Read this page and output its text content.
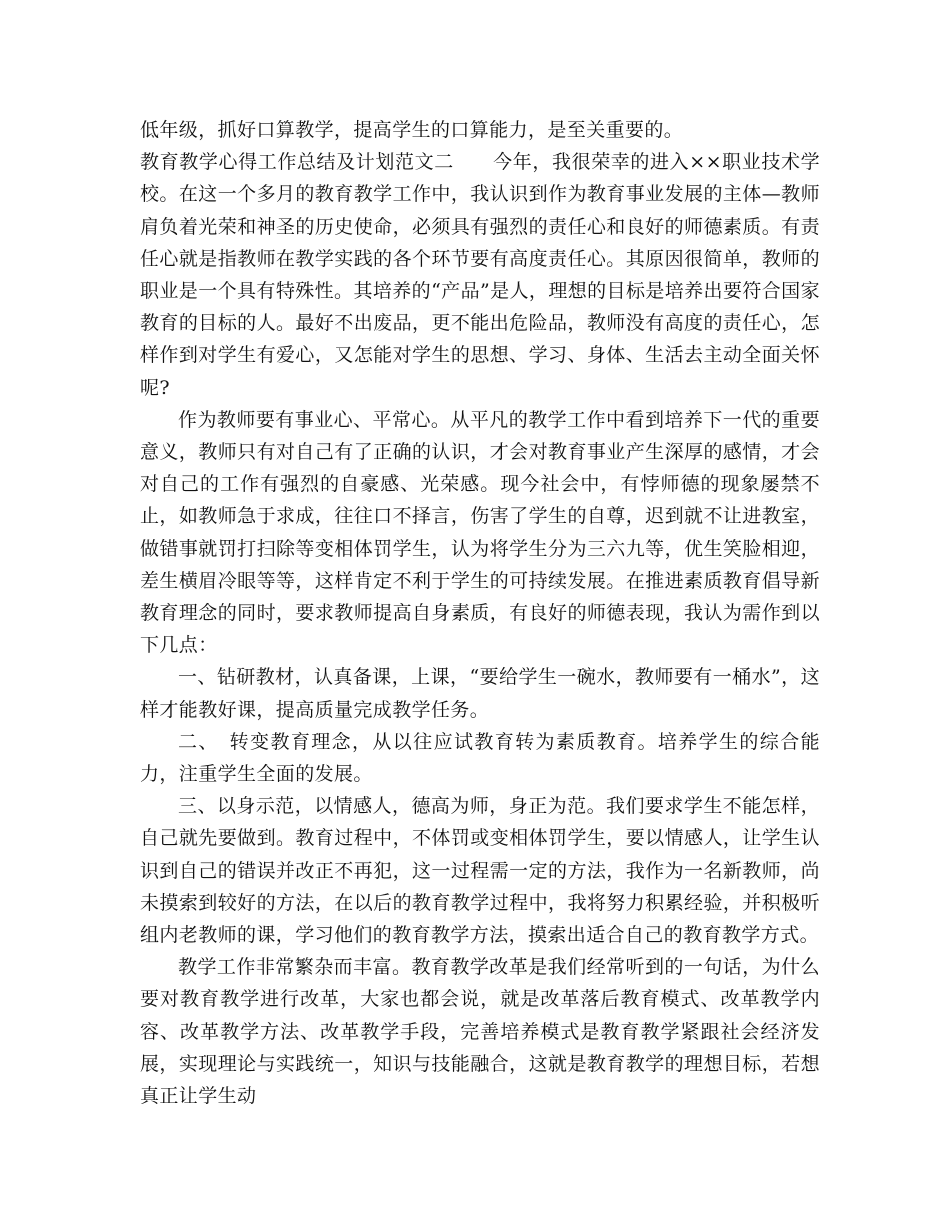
低年级，抓好口算教学，提高学生的口算能力，是至关重要的。

教育教学心得工作总结及计划范文二　　今年，我很荣幸的进入××职业技术学校。在这一个多月的教育教学工作中，我认识到作为教育事业发展的主体—教师肩负着光荣和神圣的历史使命，必须具有强烈的责任心和良好的师德素质。有责任心就是指教师在教学实践的各个环节要有高度责任心。其原因很简单，教师的职业是一个具有特殊性。其培养的“产品”是人，理想的目标是培养出要符合国家教育的目标的人。最好不出废品，更不能出危险品，教师没有高度的责任心，怎样作到对学生有爱心，又怎能对学生的思想、学习、身体、生活去主动全面关怀呢?

作为教师要有事业心、平常心。从平凡的教学工作中看到培养下一代的重要意义，教师只有对自己有了正确的认识，才会对教育事业产生深厚的感情，才会对自己的工作有强烈的自豪感、光荣感。现今社会中，有悖师德的现象屡禁不止，如教师急于求成，往往口不择言，伤害了学生的自尊，迟到就不让进教室，做错事就罚打扫除等变相体罚学生，认为将学生分为三六九等，优生笑脸相迎，差生横眉冷眼等等，这样肯定不利于学生的可持续发展。在推进素质教育倡导新教育理念的同时，要求教师提高自身素质，有良好的师德表现，我认为需作到以下几点：

一、钻研教材，认真备课，上课，“要给学生一碗水，教师要有一桶水”，这样才能教好课，提高质量完成教学任务。

二、　转变教育理念，从以往应试教育转为素质教育。培养学生的综合能力，注重学生全面的发展。

三、以身示范，以情感人，德高为师，身正为范。我们要求学生不能怎样，自己就先要做到。教育过程中，不体罚或变相体罚学生，要以情感人，让学生认识到自己的错误并改正不再犯，这一过程需一定的方法，我作为一名新教师，尚未摸索到较好的方法，在以后的教育教学过程中，我将努力积累经验，并积极听组内老教师的课，学习他们的教育教学方法，摸索出适合自己的教育教学方式。

教学工作非常繁杂而丰富。教育教学改革是我们经常听到的一句话，为什么要对教育教学进行改革，大家也都会说，就是改革落后教育模式、改革教学内容、改革教学方法、改革教学手段，完善培养模式是教育教学紧跟社会经济发展，实现理论与实践统一，知识与技能融合，这就是教育教学的理想目标，若想真正让学生动
